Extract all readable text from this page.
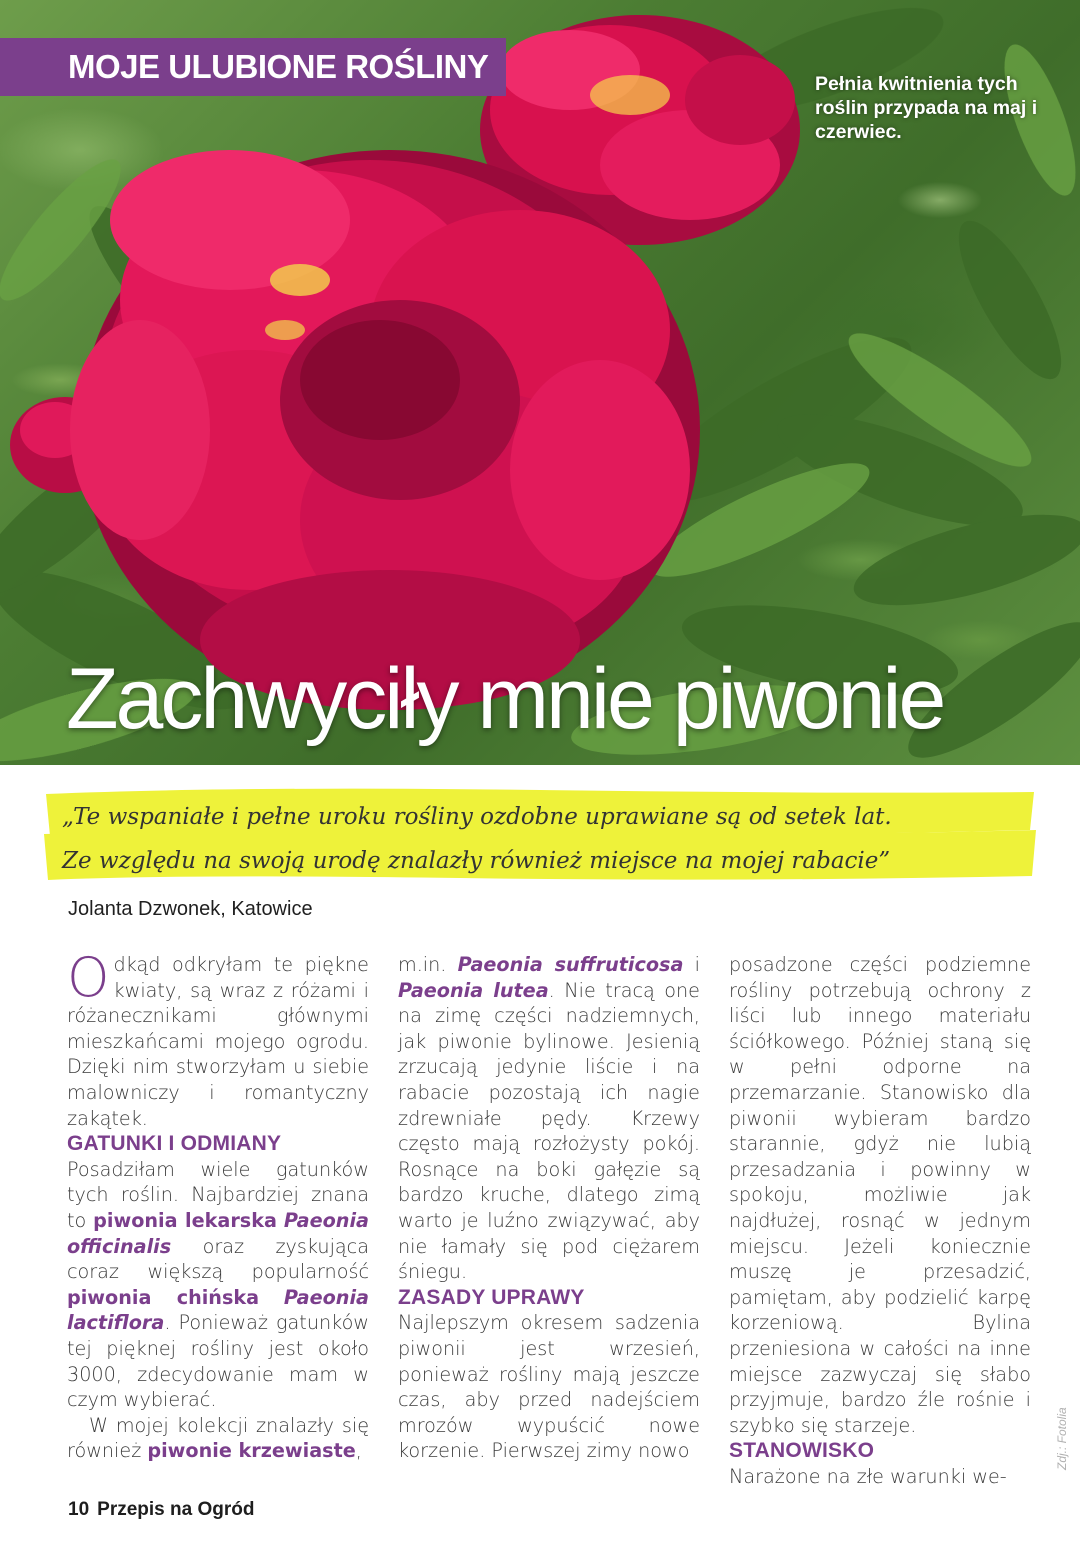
MOJE ULUBIONE ROŚLINY	Pełnia kwitnienia tych roślin przypada na maj i czerwiec.
Zachwyciły mnie piwonie
„Te wspaniałe i pełne uroku rośliny ozdobne uprawiane są od setek lat.
Ze względu na swoją urodę znalazły również miejsce na mojej rabacie”
Jolanta Dzwonek, Katowice

Odkąd odkryłam te piękne kwiaty, są wraz z różami i różanecznikami głównymi mieszkańcami mojego ogrodu. Dzięki nim stworzyłam u siebie malowniczy i romantyczny zakątek.

GATUNKI I ODMIANY

Posadziłam wiele gatunków tych roślin. Najbardziej znana to piwonia lekarska Paeonia officinalis oraz zyskująca coraz większą popularność piwonia chińska Paeonia lactiflora. Ponieważ gatunków tej pięknej rośliny jest około 3000, zdecydowanie mam w czym wybierać.

W mojej kolekcji znalazły się również piwonie krzewiaste,

m.in. Paeonia suffruticosa i Paeonia lutea. Nie tracą one na zimę części nadziemnych, jak piwonie bylinowe. Jesienią zrzucają jedynie liście i na rabacie pozostają ich nagie zdrewniałe pędy. Krzewy często mają rozłożysty pokój. Rosnące na boki gałęzie są bardzo kruche, dlatego zimą warto je luźno związywać, aby nie łamały się pod ciężarem śniegu.

ZASADY UPRAWY

Najlepszym okresem sadzenia piwonii jest wrzesień, ponieważ rośliny mają jeszcze czas, aby przed nadejściem mrozów wypuścić nowe korzenie. Pierwszej zimy nowo

posadzone części podziemne rośliny potrzebują ochrony z liści lub innego materiału ściółkowego. Później staną się w pełni odporne na przemarzanie. Stanowisko dla piwonii wybieram bardzo starannie, gdyż nie lubią przesadzania i powinny w spokoju, możliwie jak najdłużej, rosnąć w jednym miejscu. Jeżeli koniecznie muszę je przesadzić, pamiętam, aby podzielić karpę korzeniową. Bylina przeniesiona w całości na inne miejsce zazwyczaj się słabo przyjmuje, bardzo źle rośnie i szybko się starzeje.

STANOWISKO

Narażone na złe warunki we-

Zdj.: Fotolia
10 Przepis na Ogród
